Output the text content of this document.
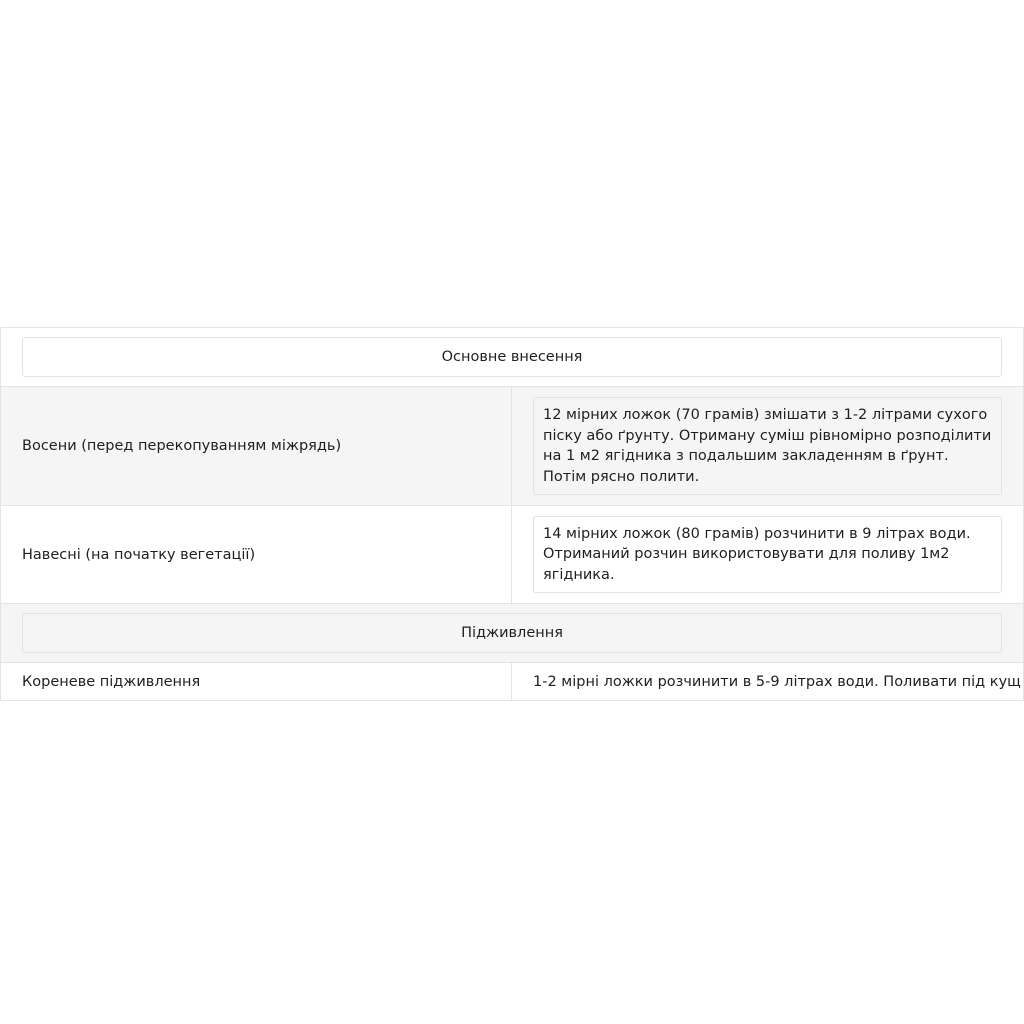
Основне внесення
Восени (перед перекопуванням міжрядь)
12 мірних ложок (70 грамів) змішати з 1-2 літрами сухого піску або ґрунту. Отриману суміш рівномірно розподілити на 1 м2 ягідника з подальшим закладенням в ґрунт. Потім рясно полити.
Навесні (на початку вегетації)
14 мірних ложок (80 грамів) розчинити в 9 літрах води. Отриманий розчин використовувати для поливу 1м2 ягідника.
Підживлення
Кореневе підживлення	1-2 мірні ложки розчинити в 5-9 літрах води. Поливати під кущ
